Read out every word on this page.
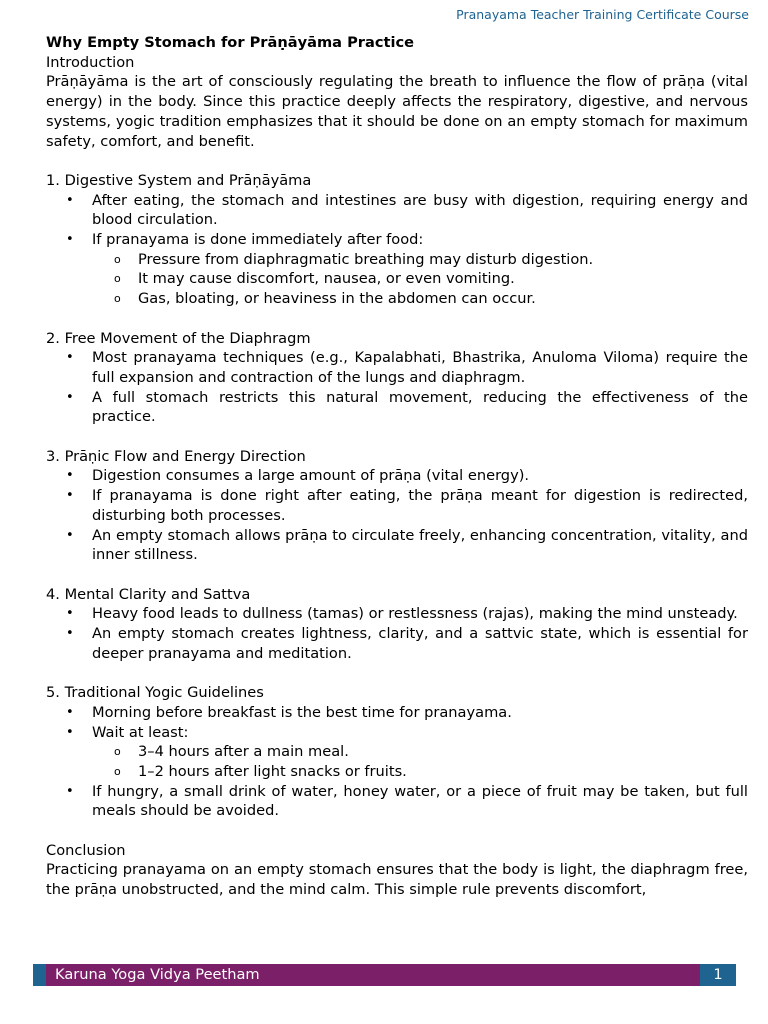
Pranayama Teacher Training Certificate Course

Why Empty Stomach for Prāṇāyāma Practice

Introduction

Prāṇāyāma is the art of consciously regulating the breath to influence the flow of prāṇa (vital energy) in the body. Since this practice deeply affects the respiratory, digestive, and nervous systems, yogic tradition emphasizes that it should be done on an empty stomach for maximum safety, comfort, and benefit.

1. Digestive System and Prāṇāyāma

• After eating, the stomach and intestines are busy with digestion, requiring energy and blood circulation.
• If pranayama is done immediately after food:
o Pressure from diaphragmatic breathing may disturb digestion.
o It may cause discomfort, nausea, or even vomiting.
o Gas, bloating, or heaviness in the abdomen can occur.

2. Free Movement of the Diaphragm

• Most pranayama techniques (e.g., Kapalabhati, Bhastrika, Anuloma Viloma) require the full expansion and contraction of the lungs and diaphragm.
• A full stomach restricts this natural movement, reducing the effectiveness of the practice.

3. Prāṇic Flow and Energy Direction

• Digestion consumes a large amount of prāṇa (vital energy).
• If pranayama is done right after eating, the prāṇa meant for digestion is redirected, disturbing both processes.
• An empty stomach allows prāṇa to circulate freely, enhancing concentration, vitality, and inner stillness.

4. Mental Clarity and Sattva

• Heavy food leads to dullness (tamas) or restlessness (rajas), making the mind unsteady.
• An empty stomach creates lightness, clarity, and a sattvic state, which is essential for deeper pranayama and meditation.

5. Traditional Yogic Guidelines

• Morning before breakfast is the best time for pranayama.
• Wait at least:
o 3–4 hours after a main meal.
o 1–2 hours after light snacks or fruits.
• If hungry, a small drink of water, honey water, or a piece of fruit may be taken, but full meals should be avoided.

Conclusion

Practicing pranayama on an empty stomach ensures that the body is light, the diaphragm free, the prāṇa unobstructed, and the mind calm. This simple rule prevents discomfort,

Karuna Yoga Vidya Peetham	1
